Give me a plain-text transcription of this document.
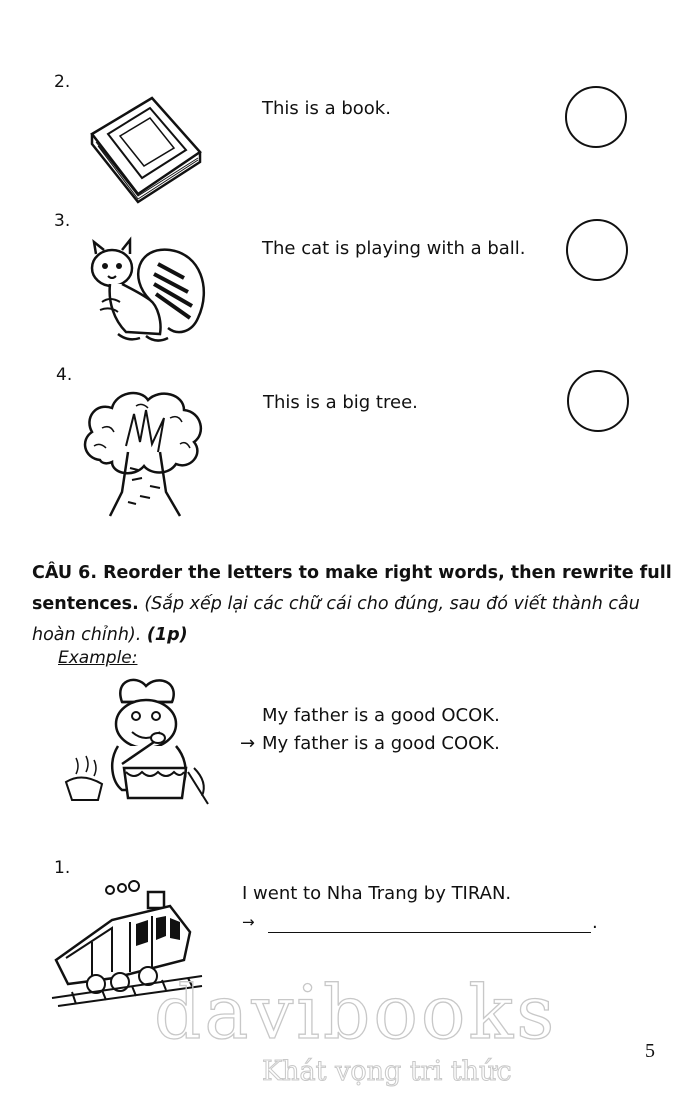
2.
This is a book.
3.
The cat is playing with a ball.
4.
This is a big tree.
CÂU 6. Reorder the letters to make right words, then rewrite full sentences. (Sắp xếp lại các chữ cái cho đúng, sau đó viết thành câu hoàn chỉnh). (1p)
Example:
My father is a good OCOK.
→ My father is a good COOK.
1.
I went to Nha Trang by TIRAN.
→	.
davibooks
Khát vọng tri thức
5
